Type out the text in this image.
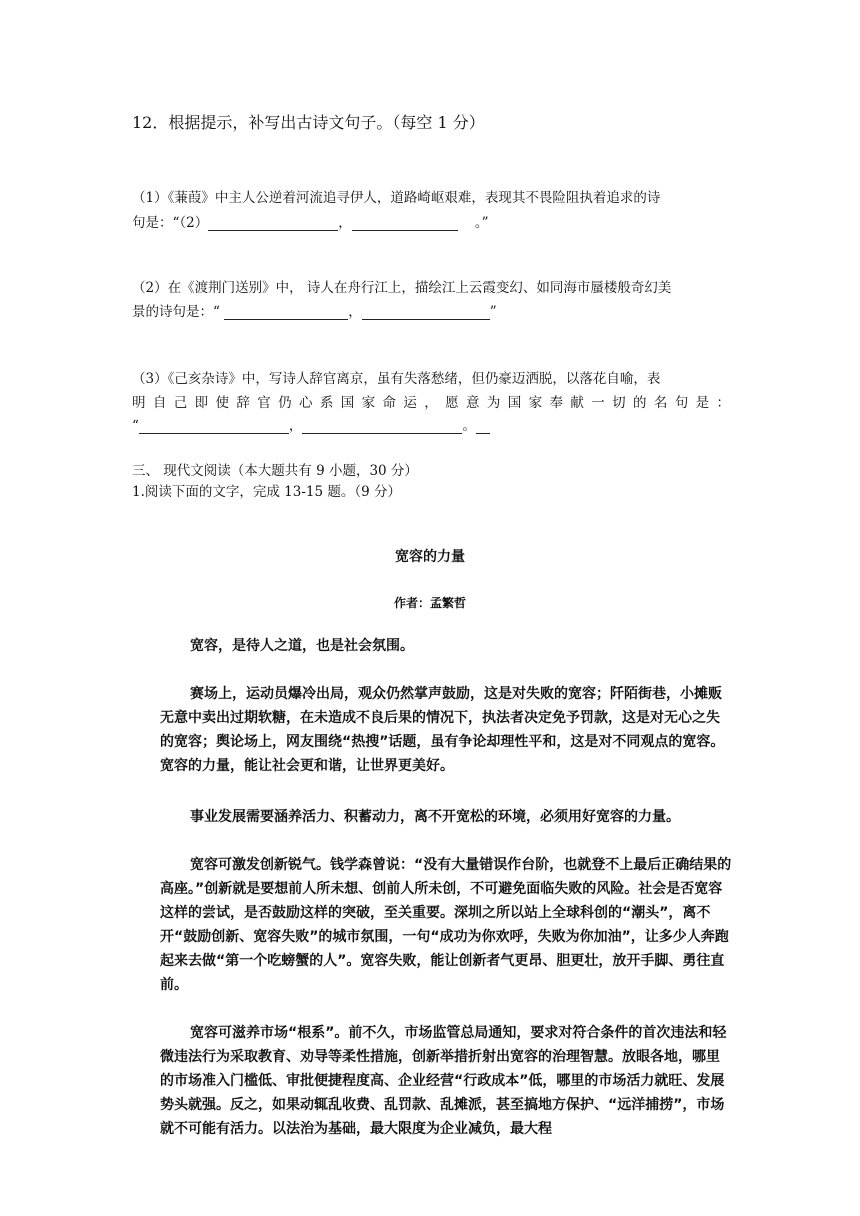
12．根据提示，补写出古诗文句子。（每空 1 分）
（1）《蒹葭》中主人公逆着河流追寻伊人，道路崎岖艰难，表现其不畏险阻执着追求的诗
句是：“（2）	，	。”
（2）在《渡荆门送别》中， 诗人在舟行江上，描绘江上云霞变幻、如同海市蜃楼般奇幻美
景的诗句是：“	，	”
（3）《己亥杂诗》中，写诗人辞官离京，虽有失落愁绪，但仍豪迈洒脱，以落花自喻，表
明 自 己 即 使 辞 官 仍 心 系 国 家 命 运 ， 愿 意 为 国 家 奉 献 一 切 的 名 句 是 ：
“	，	。
三、 现代文阅读（本大题共有 9 小题，30 分）
1.阅读下面的文字，完成 13-15 题。（9 分）
宽容的力量
作者：孟繁哲

宽容，是待人之道，也是社会氛围。

赛场上，运动员爆冷出局，观众仍然掌声鼓励，这是对失败的宽容；阡陌街巷，小摊贩无意中卖出过期软糖，在未造成不良后果的情况下，执法者决定免予罚款，这是对无心之失的宽容；舆论场上，网友围绕“热搜”话题，虽有争论却理性平和，这是对不同观点的宽容。宽容的力量，能让社会更和谐，让世界更美好。

事业发展需要涵养活力、积蓄动力，离不开宽松的环境，必须用好宽容的力量。

宽容可激发创新锐气。钱学森曾说：“没有大量错误作台阶，也就登不上最后正确结果的高座。”创新就是要想前人所未想、创前人所未创，不可避免面临失败的风险。社会是否宽容这样的尝试，是否鼓励这样的突破，至关重要。深圳之所以站上全球科创的“潮头”，离不开“鼓励创新、宽容失败”的城市氛围，一句“成功为你欢呼，失败为你加油”，让多少人奔跑起来去做“第一个吃螃蟹的人”。宽容失败，能让创新者气更昂、胆更壮，放开手脚、勇往直前。

宽容可滋养市场“根系”。前不久，市场监管总局通知，要求对符合条件的首次违法和轻微违法行为采取教育、劝导等柔性措施，创新举措折射出宽容的治理智慧。放眼各地，哪里的市场准入门槛低、审批便捷程度高、企业经营“行政成本”低，哪里的市场活力就旺、发展势头就强。反之，如果动辄乱收费、乱罚款、乱摊派，甚至搞地方保护、“远洋捕捞”，市场就不可能有活力。以法治为基础，最大限度为企业减负，最大程
